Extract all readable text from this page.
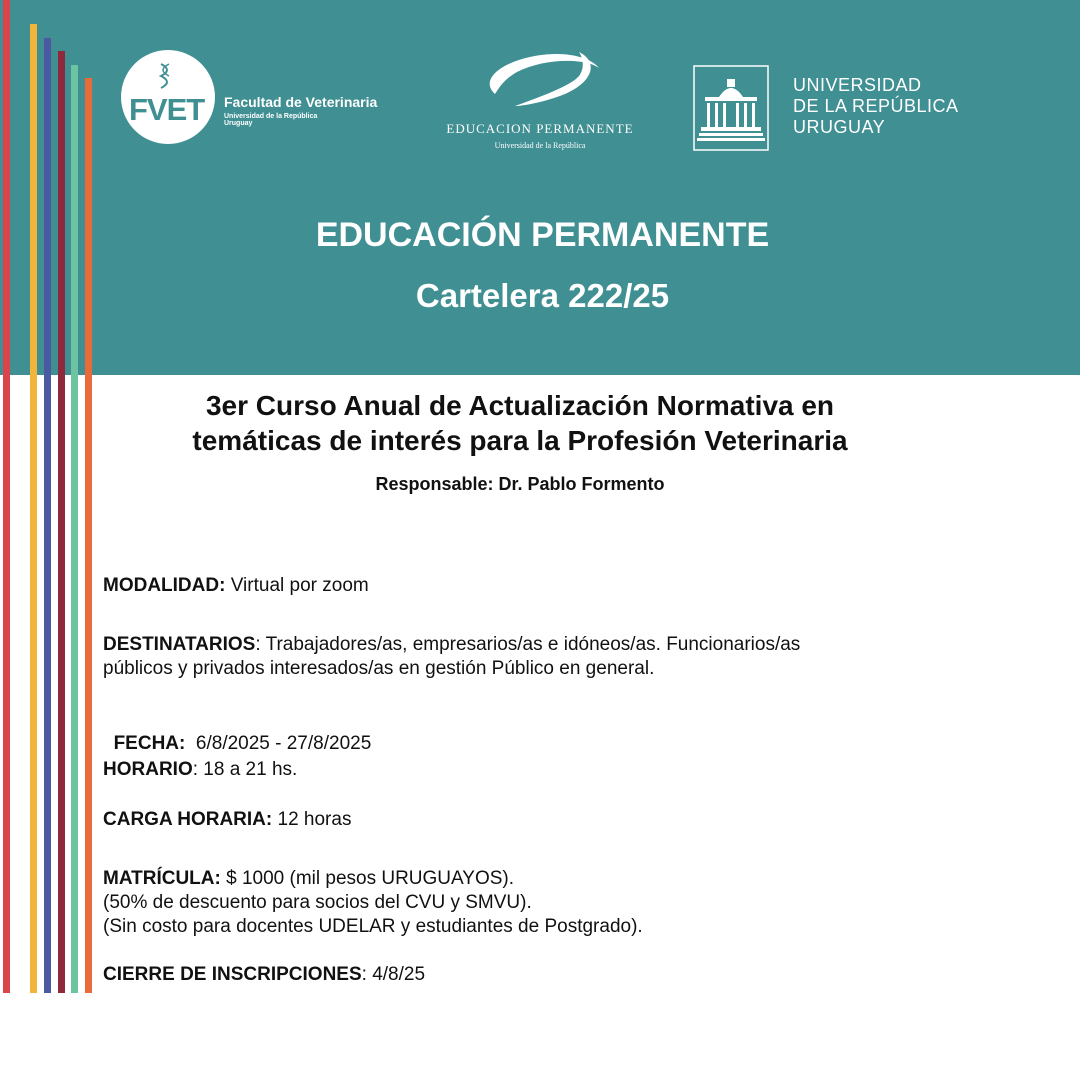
FVET Facultad de Veterinaria
Universidad de la República
Uruguay	EDUCACION PERMANENTE
Universidad de la República
UNIVERSIDAD
DE LA REPÚBLICA
URUGUAY
EDUCACIÓN PERMANENTE
Cartelera 222/25
3er Curso Anual de Actualización Normativa en
temáticas de interés para la Profesión Veterinaria
Responsable: Dr. Pablo Formento
MODALIDAD: Virtual por zoom
DESTINATARIOS: Trabajadores/as, empresarios/as e idóneos/as. Funcionarios/as
públicos y privados interesados/as en gestión Público en general.

FECHA:  6/8/2025 - 27/8/2025

HORARIO: 18 a 21 hs.
CARGA HORARIA: 12 horas
MATRÍCULA: $ 1000 (mil pesos URUGUAYOS).
(50% de descuento para socios del CVU y SMVU).
(Sin costo para docentes UDELAR y estudiantes de Postgrado).
CIERRE DE INSCRIPCIONES: 4/8/25
